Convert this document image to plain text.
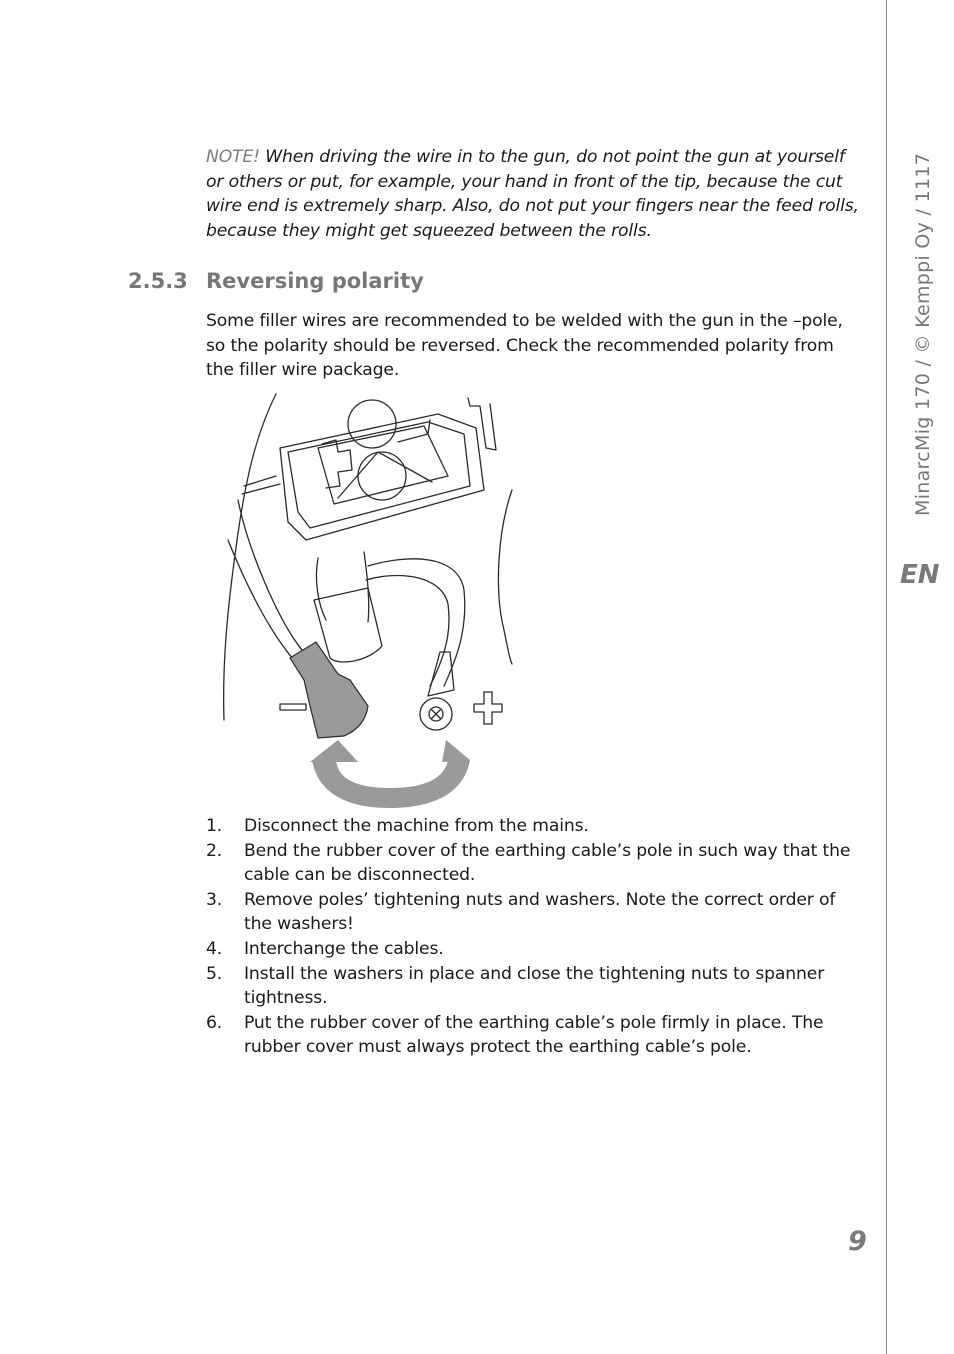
MinarcMig 170 / © Kemppi Oy / 1117
EN
9

NOTE! When driving the wire in to the gun, do not point the gun at yourself or others or put, for example, your hand in front of the tip, because the cut wire end is extremely sharp. Also, do not put your fingers near the feed rolls, because they might get squeezed between the rolls.

2.5.3 Reversing polarity

Some filler wires are recommended to be welded with the gun in the –pole, so the polarity should be reversed. Check the recommended polarity from the filler wire package.

1. Disconnect the machine from the mains.
2. Bend the rubber cover of the earthing cable’s pole in such way that the cable can be disconnected.
3. Remove poles’ tightening nuts and washers. Note the correct order of the washers!
4. Interchange the cables.
5. Install the washers in place and close the tightening nuts to spanner tightness.
6. Put the rubber cover of the earthing cable’s pole firmly in place. The rubber cover must always protect the earthing cable’s pole.
